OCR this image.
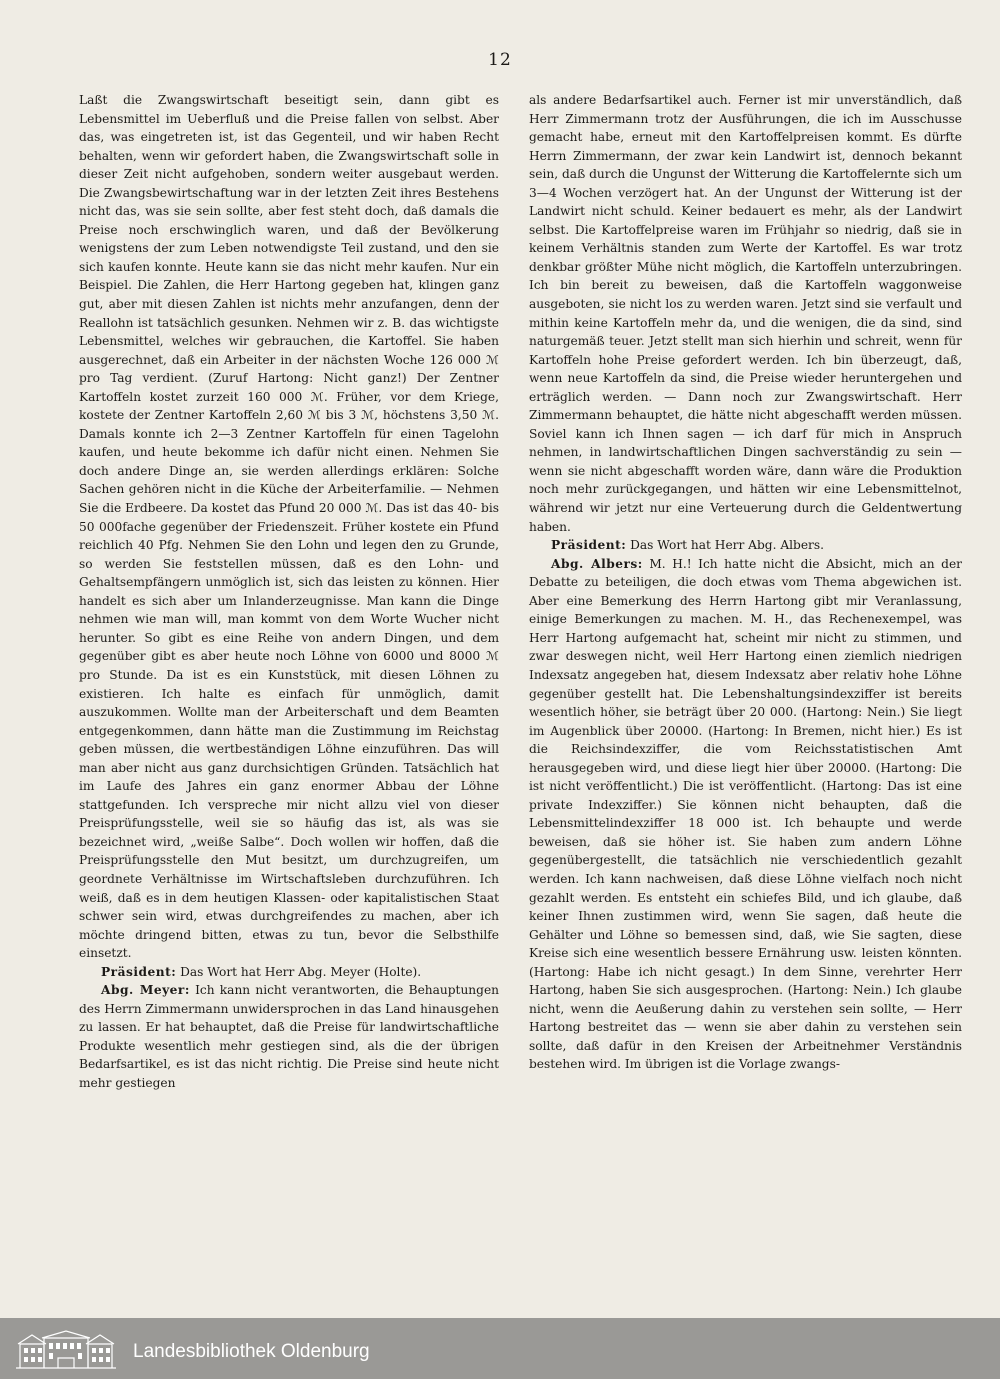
12

Laßt die Zwangswirtschaft beseitigt sein, dann gibt es Lebensmittel im Ueberfluß und die Preise fallen von selbst. Aber das, was eingetreten ist, ist das Gegenteil, und wir haben Recht behalten, wenn wir gefordert haben, die Zwangswirtschaft solle in dieser Zeit nicht aufgehoben, sondern weiter ausgebaut werden. Die Zwangsbewirtschaftung war in der letzten Zeit ihres Bestehens nicht das, was sie sein sollte, aber fest steht doch, daß damals die Preise noch erschwinglich waren, und daß der Bevölkerung wenigstens der zum Leben notwendigste Teil zustand, und den sie sich kaufen konnte. Heute kann sie das nicht mehr kaufen. Nur ein Beispiel. Die Zahlen, die Herr Hartong gegeben hat, klingen ganz gut, aber mit diesen Zahlen ist nichts mehr anzufangen, denn der Reallohn ist tatsächlich gesunken. Nehmen wir z. B. das wichtigste Lebensmittel, welches wir gebrauchen, die Kartoffel. Sie haben ausgerechnet, daß ein Arbeiter in der nächsten Woche 126 000 ℳ pro Tag verdient. (Zuruf Hartong: Nicht ganz!) Der Zentner Kartoffeln kostet zurzeit 160 000 ℳ. Früher, vor dem Kriege, kostete der Zentner Kartoffeln 2,60 ℳ bis 3 ℳ, höchstens 3,50 ℳ. Damals konnte ich 2—3 Zentner Kartoffeln für einen Tagelohn kaufen, und heute bekomme ich dafür nicht einen. Nehmen Sie doch andere Dinge an, sie werden allerdings erklären: Solche Sachen gehören nicht in die Küche der Arbeiterfamilie. — Nehmen Sie die Erdbeere. Da kostet das Pfund 20 000 ℳ. Das ist das 40- bis 50 000fache gegenüber der Friedenszeit. Früher kostete ein Pfund reichlich 40 Pfg. Nehmen Sie den Lohn und legen den zu Grunde, so werden Sie feststellen müssen, daß es den Lohn- und Gehaltsempfängern unmöglich ist, sich das leisten zu können. Hier handelt es sich aber um Inlanderzeugnisse. Man kann die Dinge nehmen wie man will, man kommt von dem Worte Wucher nicht herunter. So gibt es eine Reihe von andern Dingen, und dem gegenüber gibt es aber heute noch Löhne von 6000 und 8000 ℳ pro Stunde. Da ist es ein Kunststück, mit diesen Löhnen zu existieren. Ich halte es einfach für unmöglich, damit auszukommen. Wollte man der Arbeiterschaft und dem Beamten entgegenkommen, dann hätte man die Zustimmung im Reichstag geben müssen, die wertbeständigen Löhne einzuführen. Das will man aber nicht aus ganz durchsichtigen Gründen. Tatsächlich hat im Laufe des Jahres ein ganz enormer Abbau der Löhne stattgefunden. Ich verspreche mir nicht allzu viel von dieser Preisprüfungsstelle, weil sie so häufig das ist, als was sie bezeichnet wird, „weiße Salbe“. Doch wollen wir hoffen, daß die Preisprüfungsstelle den Mut besitzt, um durchzugreifen, um geordnete Verhältnisse im Wirtschaftsleben durchzuführen. Ich weiß, daß es in dem heutigen Klassen- oder kapitalistischen Staat schwer sein wird, etwas durchgreifendes zu machen, aber ich möchte dringend bitten, etwas zu tun, bevor die Selbsthilfe einsetzt.

Präsident: Das Wort hat Herr Abg. Meyer (Holte).

Abg. Meyer: Ich kann nicht verantworten, die Behauptungen des Herrn Zimmermann unwidersprochen in das Land hinausgehen zu lassen. Er hat behauptet, daß die Preise für landwirtschaftliche Produkte wesentlich mehr gestiegen sind, als die der übrigen Bedarfsartikel, es ist das nicht richtig. Die Preise sind heute nicht mehr gestiegen

als andere Bedarfsartikel auch. Ferner ist mir unverständlich, daß Herr Zimmermann trotz der Ausführungen, die ich im Ausschusse gemacht habe, erneut mit den Kartoffelpreisen kommt. Es dürfte Herrn Zimmermann, der zwar kein Landwirt ist, dennoch bekannt sein, daß durch die Ungunst der Witterung die Kartoffelernte sich um 3—4 Wochen verzögert hat. An der Ungunst der Witterung ist der Landwirt nicht schuld. Keiner bedauert es mehr, als der Landwirt selbst. Die Kartoffelpreise waren im Frühjahr so niedrig, daß sie in keinem Verhältnis standen zum Werte der Kartoffel. Es war trotz denkbar größter Mühe nicht möglich, die Kartoffeln unterzubringen. Ich bin bereit zu beweisen, daß die Kartoffeln waggonweise ausgeboten, sie nicht los zu werden waren. Jetzt sind sie verfault und mithin keine Kartoffeln mehr da, und die wenigen, die da sind, sind naturgemäß teuer. Jetzt stellt man sich hierhin und schreit, wenn für Kartoffeln hohe Preise gefordert werden. Ich bin überzeugt, daß, wenn neue Kartoffeln da sind, die Preise wieder heruntergehen und erträglich werden. — Dann noch zur Zwangswirtschaft. Herr Zimmermann behauptet, die hätte nicht abgeschafft werden müssen. Soviel kann ich Ihnen sagen — ich darf für mich in Anspruch nehmen, in landwirtschaftlichen Dingen sachverständig zu sein — wenn sie nicht abgeschafft worden wäre, dann wäre die Produktion noch mehr zurückgegangen, und hätten wir eine Lebensmittelnot, während wir jetzt nur eine Verteuerung durch die Geldentwertung haben.

Präsident: Das Wort hat Herr Abg. Albers.

Abg. Albers: M. H.! Ich hatte nicht die Absicht, mich an der Debatte zu beteiligen, die doch etwas vom Thema abgewichen ist. Aber eine Bemerkung des Herrn Hartong gibt mir Veranlassung, einige Bemerkungen zu machen. M. H., das Rechenexempel, was Herr Hartong aufgemacht hat, scheint mir nicht zu stimmen, und zwar deswegen nicht, weil Herr Hartong einen ziemlich niedrigen Indexsatz angegeben hat, diesem Indexsatz aber relativ hohe Löhne gegenüber gestellt hat. Die Lebenshaltungsindexziffer ist bereits wesentlich höher, sie beträgt über 20 000. (Hartong: Nein.) Sie liegt im Augenblick über 20000. (Hartong: In Bremen, nicht hier.) Es ist die Reichsindexziffer, die vom Reichsstatistischen Amt herausgegeben wird, und diese liegt hier über 20000. (Hartong: Die ist nicht veröffentlicht.) Die ist veröffentlicht. (Hartong: Das ist eine private Indexziffer.) Sie können nicht behaupten, daß die Lebensmittelindexziffer 18 000 ist. Ich behaupte und werde beweisen, daß sie höher ist. Sie haben zum andern Löhne gegenübergestellt, die tatsächlich nie verschiedentlich gezahlt werden. Ich kann nachweisen, daß diese Löhne vielfach noch nicht gezahlt werden. Es entsteht ein schiefes Bild, und ich glaube, daß keiner Ihnen zustimmen wird, wenn Sie sagen, daß heute die Gehälter und Löhne so bemessen sind, daß, wie Sie sagten, diese Kreise sich eine wesentlich bessere Ernährung usw. leisten könnten. (Hartong: Habe ich nicht gesagt.) In dem Sinne, verehrter Herr Hartong, haben Sie sich ausgesprochen. (Hartong: Nein.) Ich glaube nicht, wenn die Aeußerung dahin zu verstehen sein sollte, — Herr Hartong bestreitet das — wenn sie aber dahin zu verstehen sein sollte, daß dafür in den Kreisen der Arbeitnehmer Verständnis bestehen wird. Im übrigen ist die Vorlage zwangs-

Landesbibliothek Oldenburg
